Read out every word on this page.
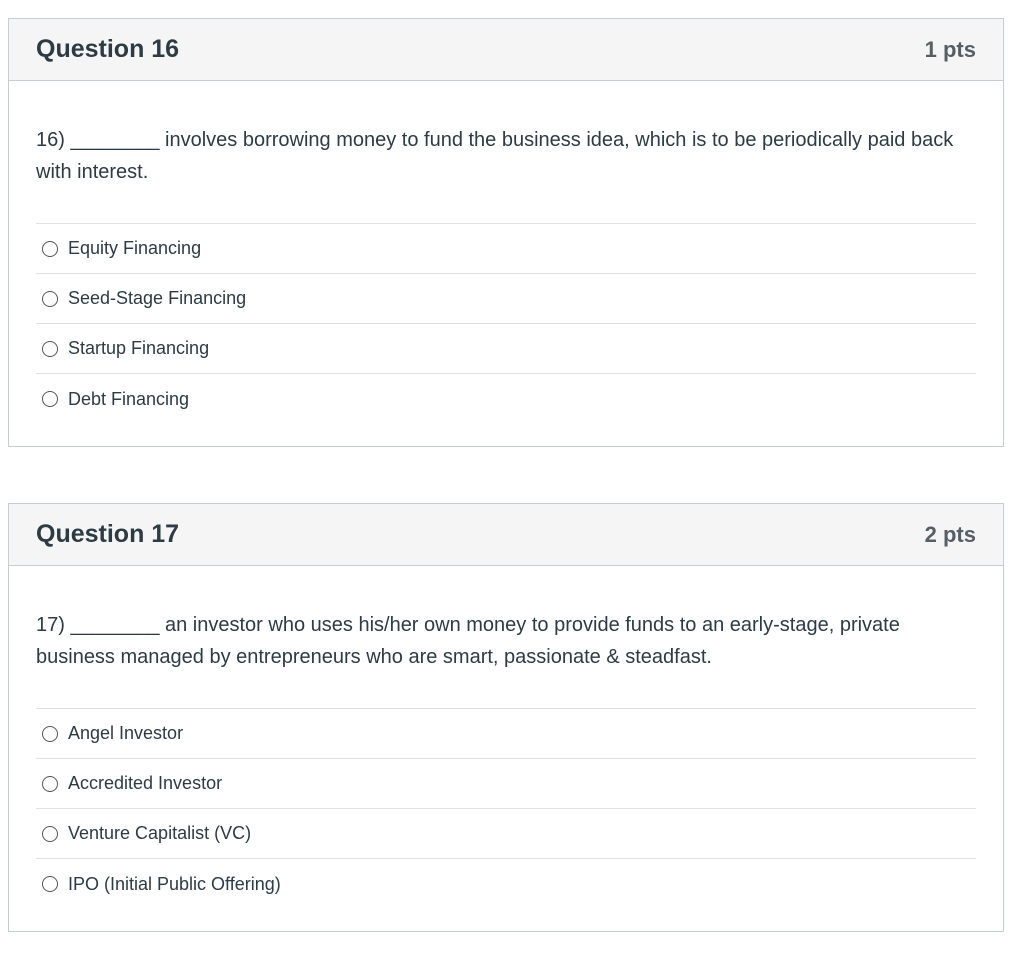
Question 16	1 pts
16) ________ involves borrowing money to fund the business idea, which is to be periodically paid back with interest.
Equity Financing
Seed-Stage Financing
Startup Financing
Debt Financing
Question 17	2 pts
17) ________ an investor who uses his/her own money to provide funds to an early-stage, private business managed by entrepreneurs who are smart, passionate & steadfast.
Angel Investor
Accredited Investor
Venture Capitalist (VC)
IPO (Initial Public Offering)
